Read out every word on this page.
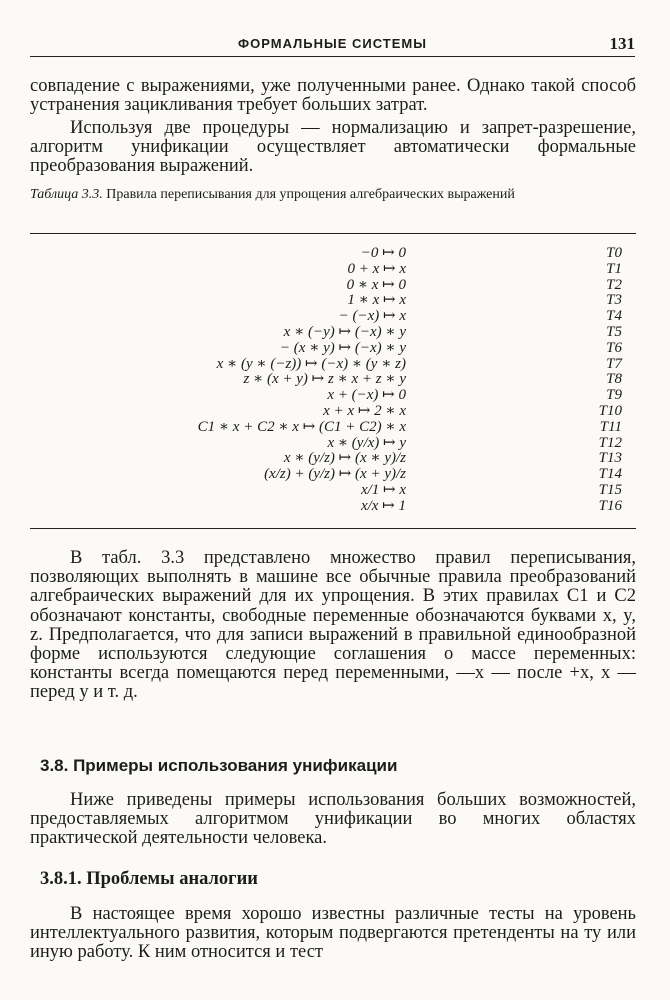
ФОРМАЛЬНЫЕ СИСТЕМЫ	131

совпадение с выражениями, уже полученными ранее. Однако такой способ устранения зацикливания требует больших затрат.

Используя две процедуры — нормализацию и запрет-разрешение, алгоритм унификации осуществляет автоматически формальные преобразования выражений.

Таблица 3.3. Правила переписывания для упрощения алгебраических выражений

−0 ↦ 0	T0
0 + x ↦ x	T1
0 ∗ x ↦ 0	T2
1 ∗ x ↦ x	T3
− (−x) ↦ x	T4
x ∗ (−y) ↦ (−x) ∗ y	T5
− (x ∗ y) ↦ (−x) ∗ y	T6
x ∗ (y ∗ (−z)) ↦ (−x) ∗ (y ∗ z)	T7
z ∗ (x + y) ↦ z ∗ x + z ∗ y	T8
x + (−x) ↦ 0	T9
x + x ↦ 2 ∗ x	T10
C1 ∗ x + C2 ∗ x ↦ (C1 + C2) ∗ x	T11
x ∗ (y/x) ↦ y	T12
x ∗ (y/z) ↦ (x ∗ y)/z	T13
(x/z) + (y/z) ↦ (x + y)/z	T14
x/1 ↦ x	T15
x/x ↦ 1	T16

В табл. 3.3 представлено множество правил переписывания, позволяющих выполнять в машине все обычные правила преобразований алгебраических выражений для их упрощения. В этих правилах C1 и C2 обозначают константы, свободные переменные обозначаются буквами x, y, z. Предполагается, что для записи выражений в правильной единообразной форме используются следующие соглашения о массе переменных: константы всегда помещаются перед переменными, —x — после +x, x — перед y и т. д.

3.8. Примеры использования унификации

Ниже приведены примеры использования больших возможностей, предоставляемых алгоритмом унификации во многих областях практической деятельности человека.

3.8.1. Проблемы аналогии

В настоящее время хорошо известны различные тесты на уровень интеллектуального развития, которым подвергаются претенденты на ту или иную работу. К ним относится и тест
